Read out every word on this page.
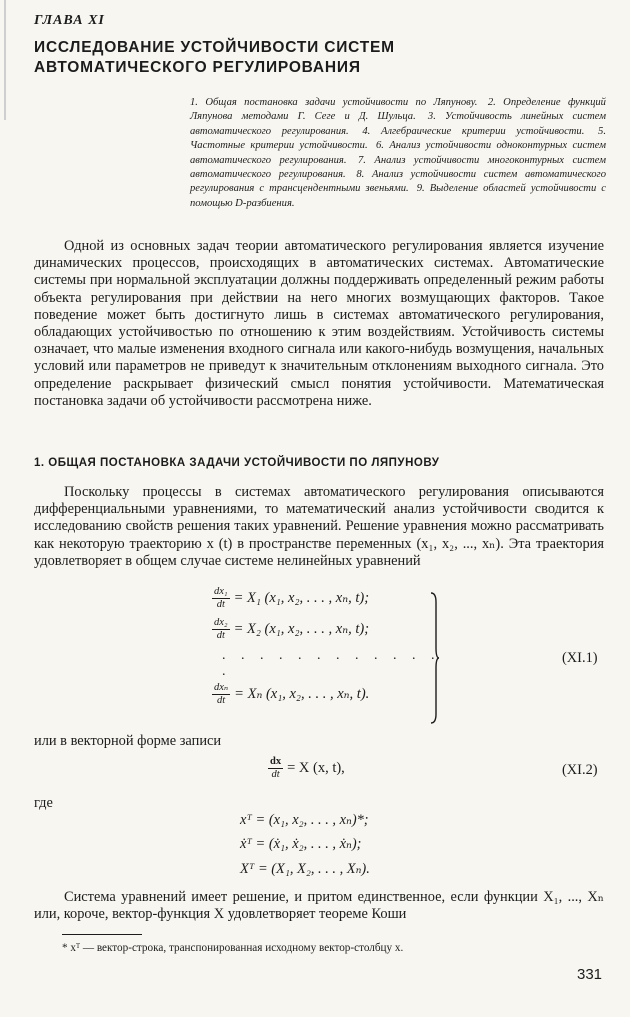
ГЛАВА XI
ИССЛЕДОВАНИЕ УСТОЙЧИВОСТИ СИСТЕМ
АВТОМАТИЧЕСКОГО РЕГУЛИРОВАНИЯ
1. Общая постановка задачи устойчивости по Ляпунову. 2. Определение функций Ляпунова методами Г. Сеге и Д. Шульца. 3. Устойчивость линейных систем автоматического регулирования. 4. Алгебраические критерии устойчивости. 5. Частотные критерии устойчивости. 6. Анализ устойчивости одноконтурных систем автоматического регулирования. 7. Анализ устойчивости многоконтурных систем автоматического регулирования. 8. Анализ устойчивости систем автоматического регулирования с трансцендентными звеньями. 9. Выделение областей устойчивости с помощью D-разбиения.

Одной из основных задач теории автоматического регулирования является изучение динамических процессов, происходящих в автоматических системах. Автоматические системы при нормальной эксплуатации должны поддерживать определенный режим работы объекта регулирования при действии на него многих возмущающих факторов. Такое поведение может быть достигнуто лишь в системах автоматического регулирования, обладающих устойчивостью по отношению к этим воздействиям. Устойчивость системы означает, что малые изменения входного сигнала или какого-нибудь возмущения, начальных условий или параметров не приведут к значительным отклонениям выходного сигнала. Это определение раскрывает физический смысл понятия устойчивости. Математическая постановка задачи об устойчивости рассмотрена ниже.

1. ОБЩАЯ ПОСТАНОВКА ЗАДАЧИ УСТОЙЧИВОСТИ ПО ЛЯПУНОВУ

Поскольку процессы в системах автоматического регулирования описываются дифференциальными уравнениями, то математический анализ устойчивости сводится к исследованию свойств решения таких уравнений. Решение уравнения можно рассматривать как некоторую траекторию x (t) в пространстве переменных (x₁, x₂, ..., xₙ). Эта траектория удовлетворяет в общем случае системе нелинейных уравнений

$\frac{\text{dx₁}}{dt} = X_1$ (x₁, x₂, . . . , xₙ, t);
$\frac{\text{dx₂}}{dt} = X_2$ (x₁, x₂, . . . , xₙ, t);
. . . . . . . . . . . . .
$\frac{\text{dxₙ}}{dt} = X_n$ (x₁, x₂, . . . , xₙ, t).
(XI.1)
или в векторной форме записи
$\frac{dx}{dt} = X$ (x, t),	(XI.2)
где
xᵀ = (x₁, x₂, . . . , xₙ)*;
ẋᵀ = (ẋ₁, ẋ₂, . . . , ẋₙ);
Xᵀ = (X₁, X₂, . . . , Xₙ).

Система уравнений имеет решение, и притом единственное, если функции X₁, ..., Xₙ или, короче, вектор-функция X удовлетворяет теореме Коши

* xᵀ — вектор-строка, транспонированная исходному вектор-столбцу x.
331
